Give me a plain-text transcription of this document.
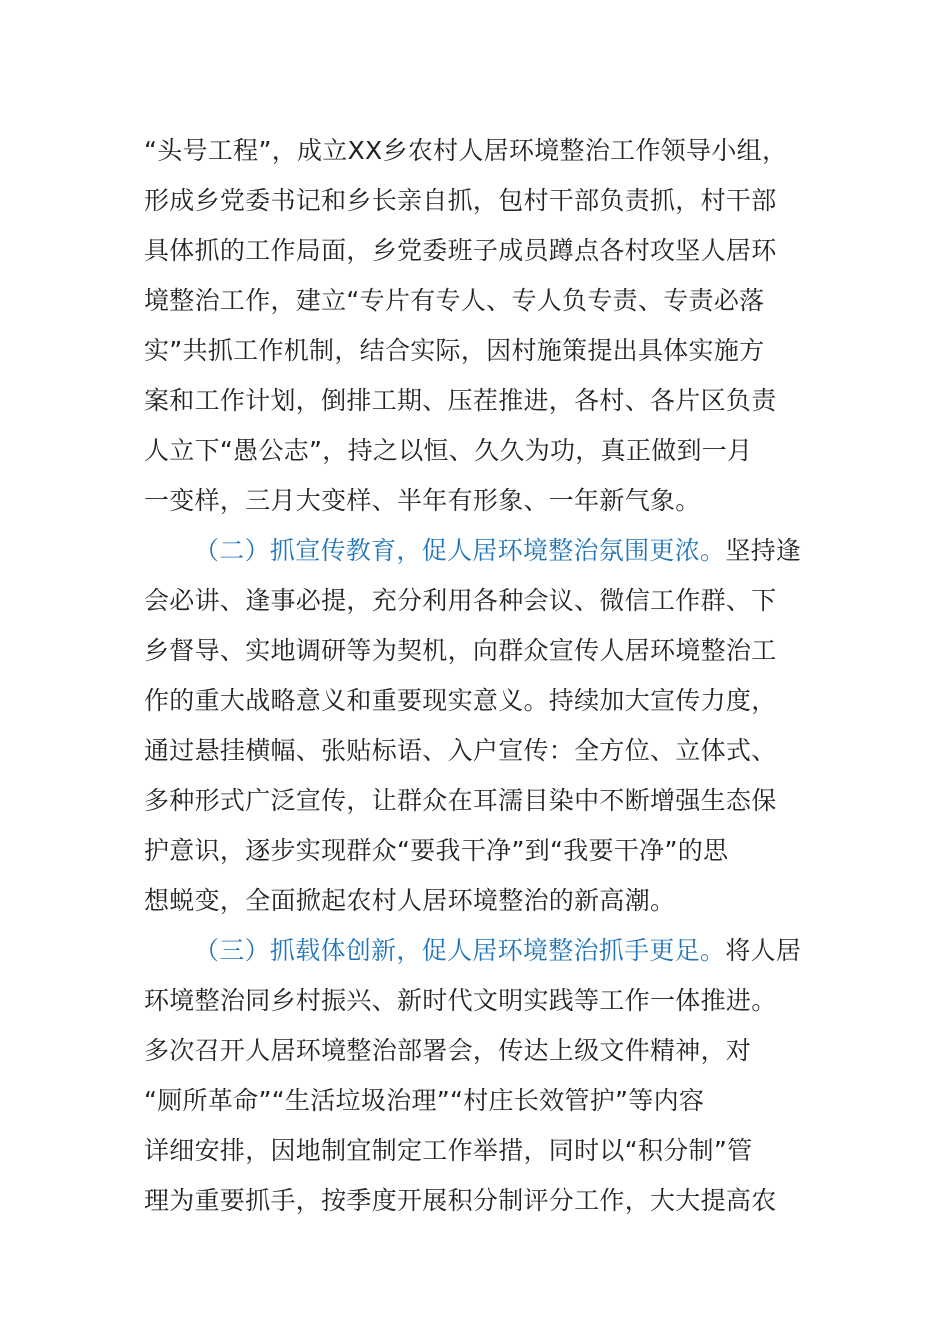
“头号工程”，成立XX乡农村人居环境整治工作领导小组，
形成乡党委书记和乡长亲自抓，包村干部负责抓，村干部
具体抓的工作局面，乡党委班子成员蹲点各村攻坚人居环
境整治工作，建立“专片有专人、专人负专责、专责必落
实”共抓工作机制，结合实际，因村施策提出具体实施方
案和工作计划，倒排工期、压茬推进，各村、各片区负责
人立下“愚公志”，持之以恒、久久为功，真正做到一月
一变样，三月大变样、半年有形象、一年新气象。

（二）抓宣传教育，促人居环境整治氛围更浓。坚持逢
会必讲、逢事必提，充分利用各种会议、微信工作群、下
乡督导、实地调研等为契机，向群众宣传人居环境整治工
作的重大战略意义和重要现实意义。持续加大宣传力度，
通过悬挂横幅、张贴标语、入户宣传：全方位、立体式、
多种形式广泛宣传，让群众在耳濡目染中不断增强生态保
护意识，逐步实现群众“要我干净”到“我要干净”的思
想蜕变，全面掀起农村人居环境整治的新高潮。

（三）抓载体创新，促人居环境整治抓手更足。将人居
环境整治同乡村振兴、新时代文明实践等工作一体推进。
多次召开人居环境整治部署会，传达上级文件精神，对
“厕所革命”“生活垃圾治理”“村庄长效管护”等内容
详细安排，因地制宜制定工作举措，同时以“积分制”管
理为重要抓手，按季度开展积分制评分工作，大大提高农
